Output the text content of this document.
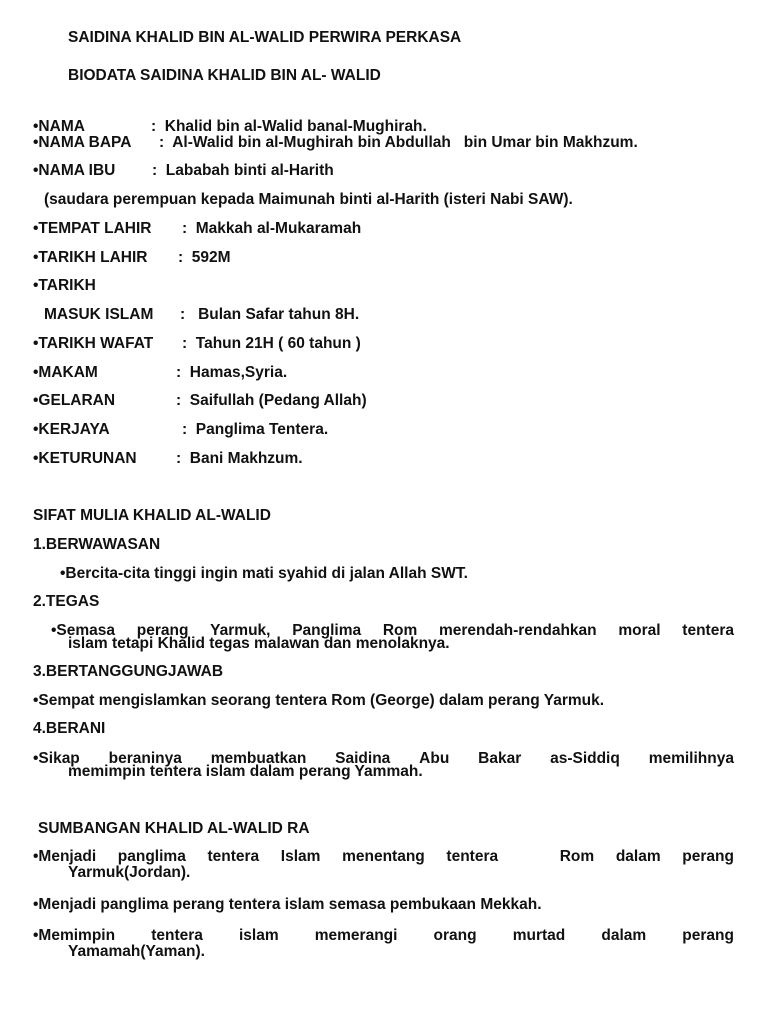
SAIDINA KHALID BIN AL-WALID PERWIRA PERKASA
BIODATA SAIDINA KHALID BIN AL- WALID
•NAMA	:  Khalid bin al-Walid banal-Mughirah.
•NAMA BAPA :  Al-Walid bin al-Mughirah bin Abdullah   bin Umar bin Makhzum.
•NAMA IBU :  Lababah binti al-Harith
(saudara perempuan kepada Maimunah binti al-Harith (isteri Nabi SAW).
•TEMPAT LAHIR :  Makkah al-Mukaramah
•TARIKH LAHIR :  592M
•TARIKH
MASUK ISLAM :   Bulan Safar tahun 8H.
•TARIKH WAFAT :  Tahun 21H ( 60 tahun )
•MAKAM	:  Hamas,Syria.
•GELARAN	:  Saifullah (Pedang Allah)
•KERJAYA	:  Panglima Tentera.
•KETURUNAN	:  Bani Makhzum.
SIFAT MULIA KHALID AL-WALID
1.BERWAWASAN
•Bercita-cita tinggi ingin mati syahid di jalan Allah SWT.
2.TEGAS
•Semasa perang Yarmuk, Panglima Rom merendah-rendahkan moral tentera
islam tetapi Khalid tegas malawan dan menolaknya.
3.BERTANGGUNGJAWAB
•Sempat mengislamkan seorang tentera Rom (George) dalam perang Yarmuk.
4.BERANI
•Sikap beraninya membuatkan Saidina Abu Bakar as-Siddiq memilihnya
memimpin tentera islam dalam perang Yammah.
SUMBANGAN KHALID AL-WALID RA
•Menjadi panglima tentera Islam menentang tentera	Rom dalam perang
Yarmuk(Jordan).
•Menjadi panglima perang tentera islam semasa pembukaan Mekkah.
•Memimpin tentera islam memerangi orang murtad dalam perang
Yamamah(Yaman).
